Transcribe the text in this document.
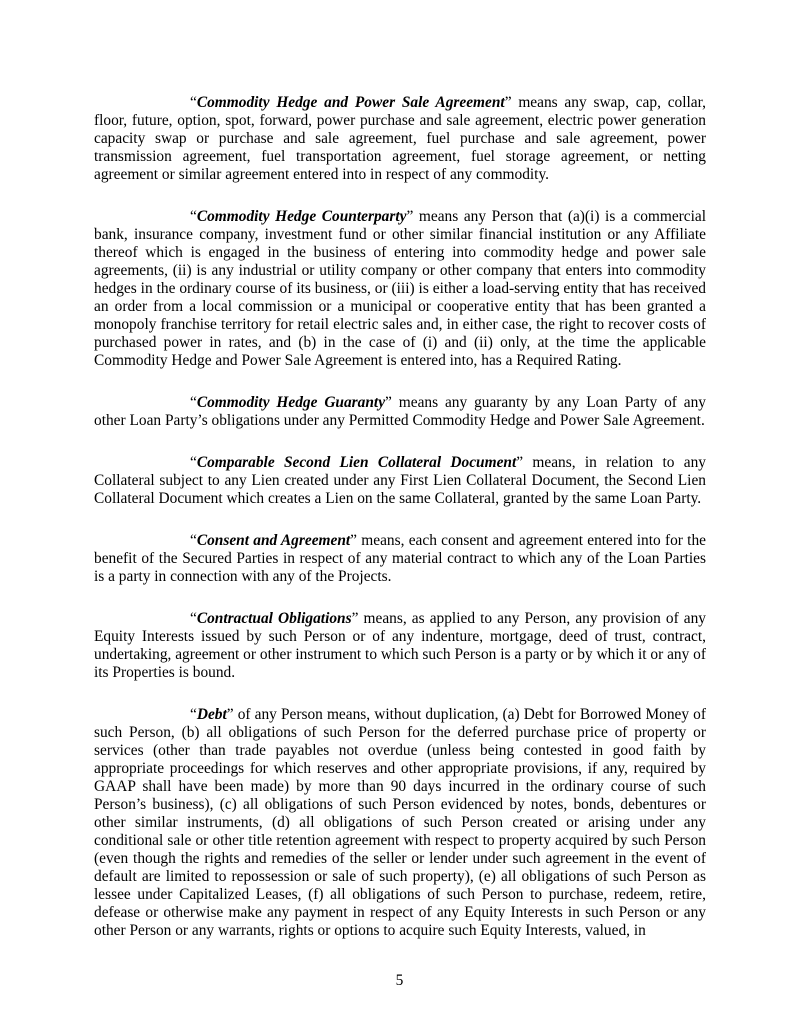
“Commodity Hedge and Power Sale Agreement” means any swap, cap, collar, floor, future, option, spot, forward, power purchase and sale agreement, electric power generation capacity swap or purchase and sale agreement, fuel purchase and sale agreement, power transmission agreement, fuel transportation agreement, fuel storage agreement, or netting agreement or similar agreement entered into in respect of any commodity.

“Commodity Hedge Counterparty” means any Person that (a)(i) is a commercial bank, insurance company, investment fund or other similar financial institution or any Affiliate thereof which is engaged in the business of entering into commodity hedge and power sale agreements, (ii) is any industrial or utility company or other company that enters into commodity hedges in the ordinary course of its business, or (iii) is either a load-serving entity that has received an order from a local commission or a municipal or cooperative entity that has been granted a monopoly franchise territory for retail electric sales and, in either case, the right to recover costs of purchased power in rates, and (b) in the case of (i) and (ii) only, at the time the applicable Commodity Hedge and Power Sale Agreement is entered into, has a Required Rating.

“Commodity Hedge Guaranty” means any guaranty by any Loan Party of any other Loan Party’s obligations under any Permitted Commodity Hedge and Power Sale Agreement.

“Comparable Second Lien Collateral Document” means, in relation to any Collateral subject to any Lien created under any First Lien Collateral Document, the Second Lien Collateral Document which creates a Lien on the same Collateral, granted by the same Loan Party.

“Consent and Agreement” means, each consent and agreement entered into for the benefit of the Secured Parties in respect of any material contract to which any of the Loan Parties is a party in connection with any of the Projects.

“Contractual Obligations” means, as applied to any Person, any provision of any Equity Interests issued by such Person or of any indenture, mortgage, deed of trust, contract, undertaking, agreement or other instrument to which such Person is a party or by which it or any of its Properties is bound.

“Debt” of any Person means, without duplication, (a) Debt for Borrowed Money of such Person, (b) all obligations of such Person for the deferred purchase price of property or services (other than trade payables not overdue (unless being contested in good faith by appropriate proceedings for which reserves and other appropriate provisions, if any, required by GAAP shall have been made) by more than 90 days incurred in the ordinary course of such Person’s business), (c) all obligations of such Person evidenced by notes, bonds, debentures or other similar instruments, (d) all obligations of such Person created or arising under any conditional sale or other title retention agreement with respect to property acquired by such Person (even though the rights and remedies of the seller or lender under such agreement in the event of default are limited to repossession or sale of such property), (e) all obligations of such Person as lessee under Capitalized Leases, (f) all obligations of such Person to purchase, redeem, retire, defease or otherwise make any payment in respect of any Equity Interests in such Person or any other Person or any warrants, rights or options to acquire such Equity Interests, valued, in

5
